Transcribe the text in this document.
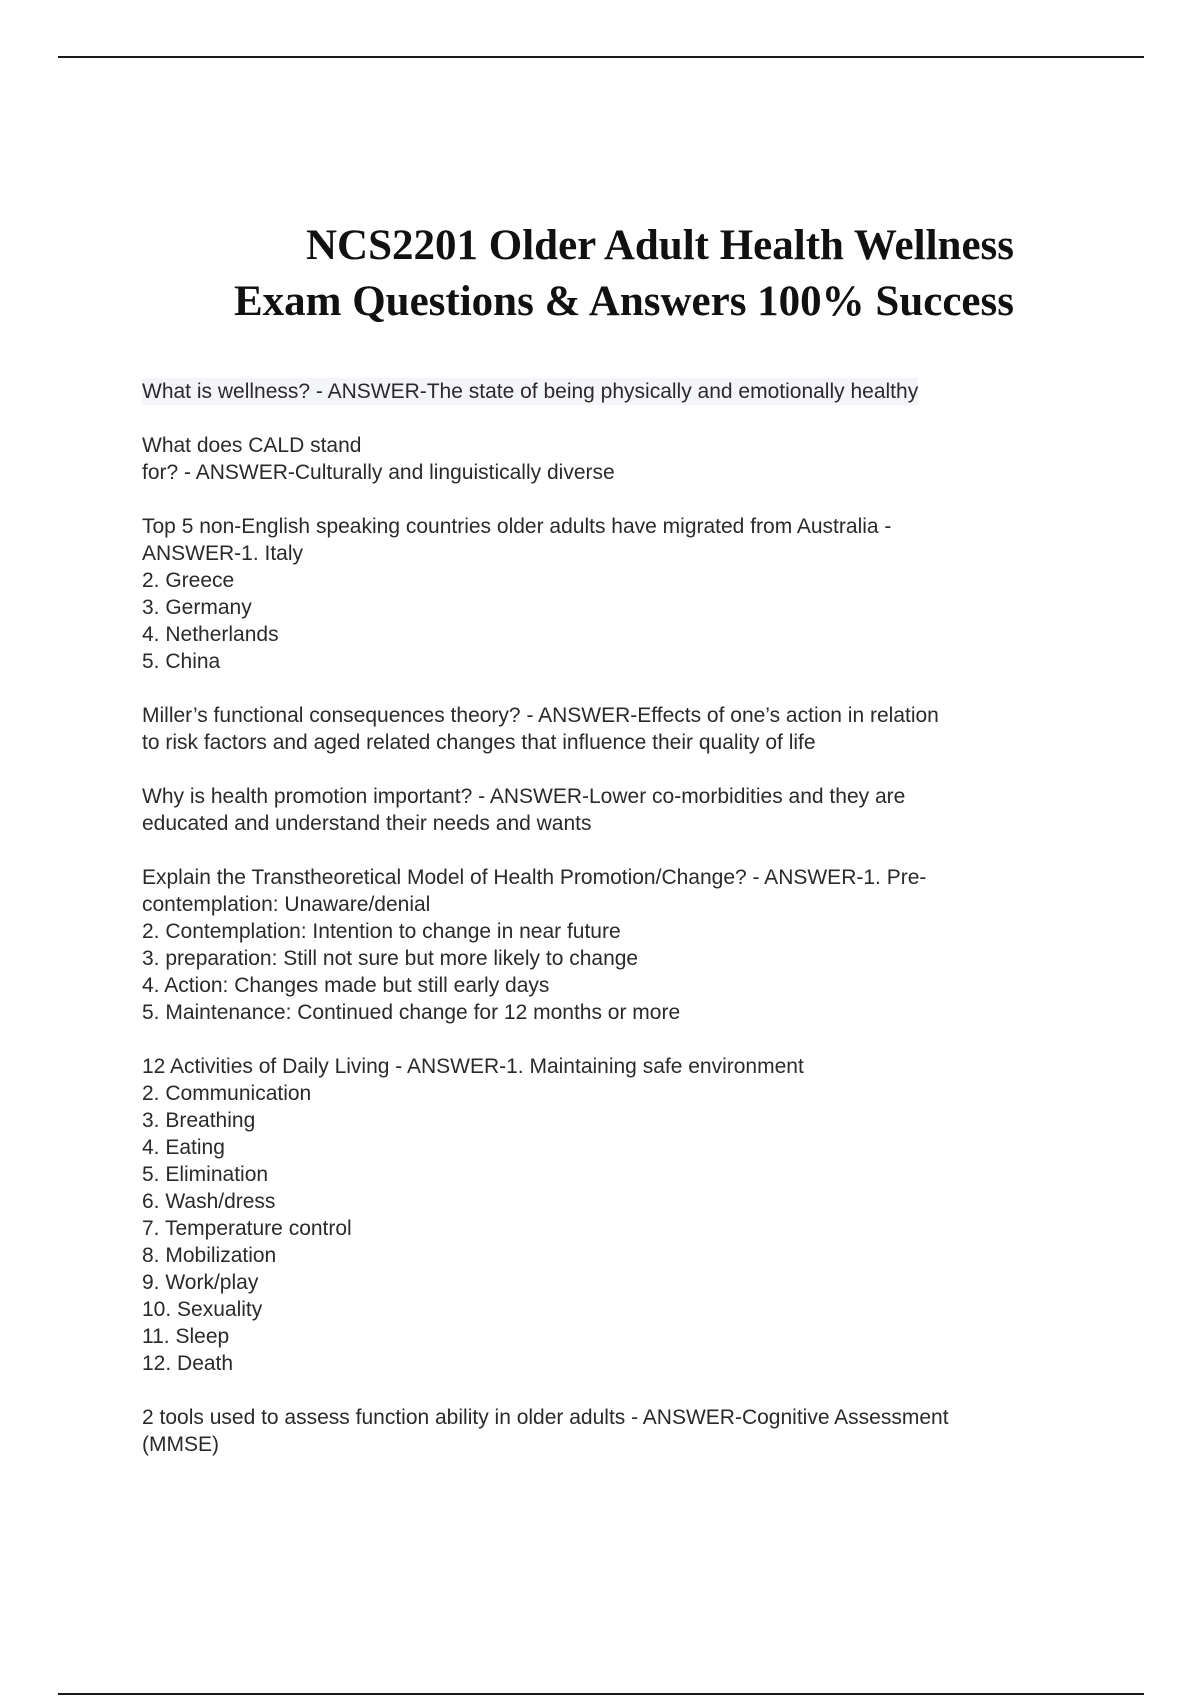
NCS2201 Older Adult Health Wellness
Exam Questions & Answers 100% Success
What is wellness? - ANSWER-The state of being physically and emotionally healthy
What does CALD stand
for? - ANSWER-Culturally and linguistically diverse
Top 5 non-English speaking countries older adults have migrated from Australia -
ANSWER-1. Italy
2. Greece
3. Germany
4. Netherlands
5. China
Miller’s functional consequences theory? - ANSWER-Effects of one’s action in relation
to risk factors and aged related changes that influence their quality of life
Why is health promotion important? - ANSWER-Lower co-morbidities and they are
educated and understand their needs and wants
Explain the Transtheoretical Model of Health Promotion/Change? - ANSWER-1. Pre-
contemplation: Unaware/denial
2. Contemplation: Intention to change in near future
3. preparation: Still not sure but more likely to change
4. Action: Changes made but still early days
5. Maintenance: Continued change for 12 months or more
12 Activities of Daily Living - ANSWER-1. Maintaining safe environment
2. Communication
3. Breathing
4. Eating
5. Elimination
6. Wash/dress
7. Temperature control
8. Mobilization
9. Work/play
10. Sexuality
11. Sleep
12. Death
2 tools used to assess function ability in older adults - ANSWER-Cognitive Assessment
(MMSE)
